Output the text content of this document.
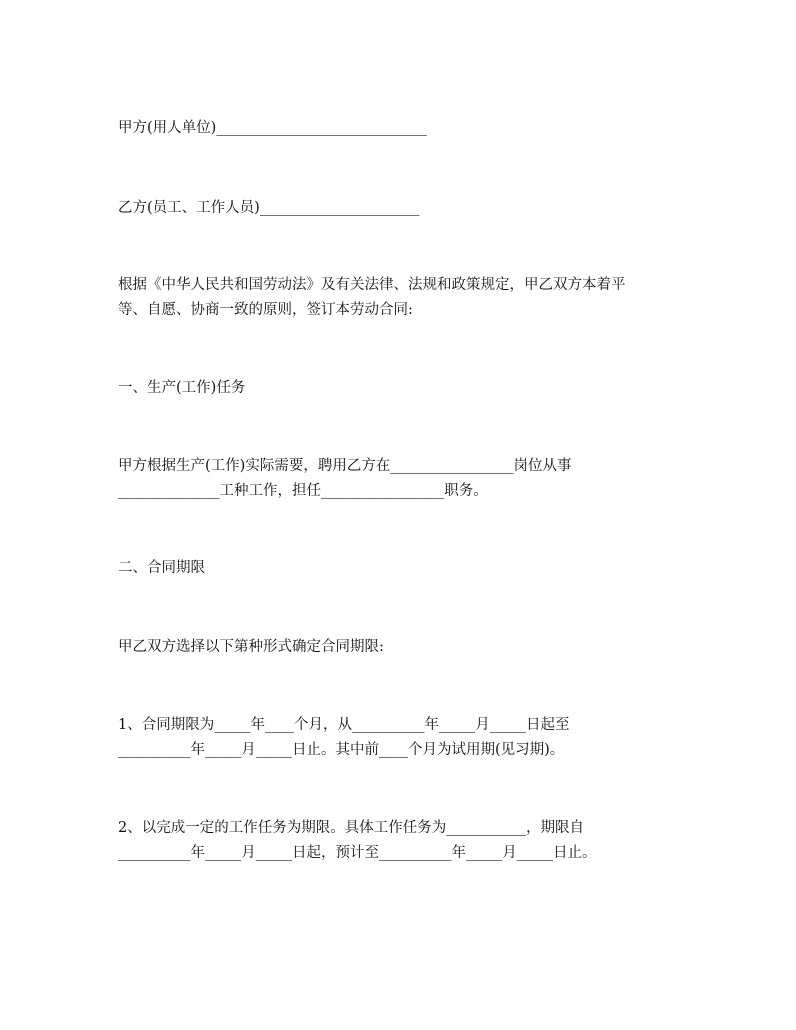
甲方(用人单位)_____________________________

乙方(员工、工作人员)______________________

根据《中华人民共和国劳动法》及有关法律、法规和政策规定，甲乙双方本着平

等、自愿、协商一致的原则，签订本劳动合同:

一、生产(工作)任务

甲方根据生产(工作)实际需要，聘用乙方在_________________岗位从事

______________工种工作，担任_________________职务。

二、合同期限

甲乙双方选择以下第种形式确定合同期限:

1、合同期限为_____年____个月，从__________年_____月_____日起至

__________年_____月_____日止。其中前____个月为试用期(见习期)。

2、以完成一定的工作任务为期限。具体工作任务为___________，期限自

__________年_____月_____日起，预计至__________年_____月_____日止。
